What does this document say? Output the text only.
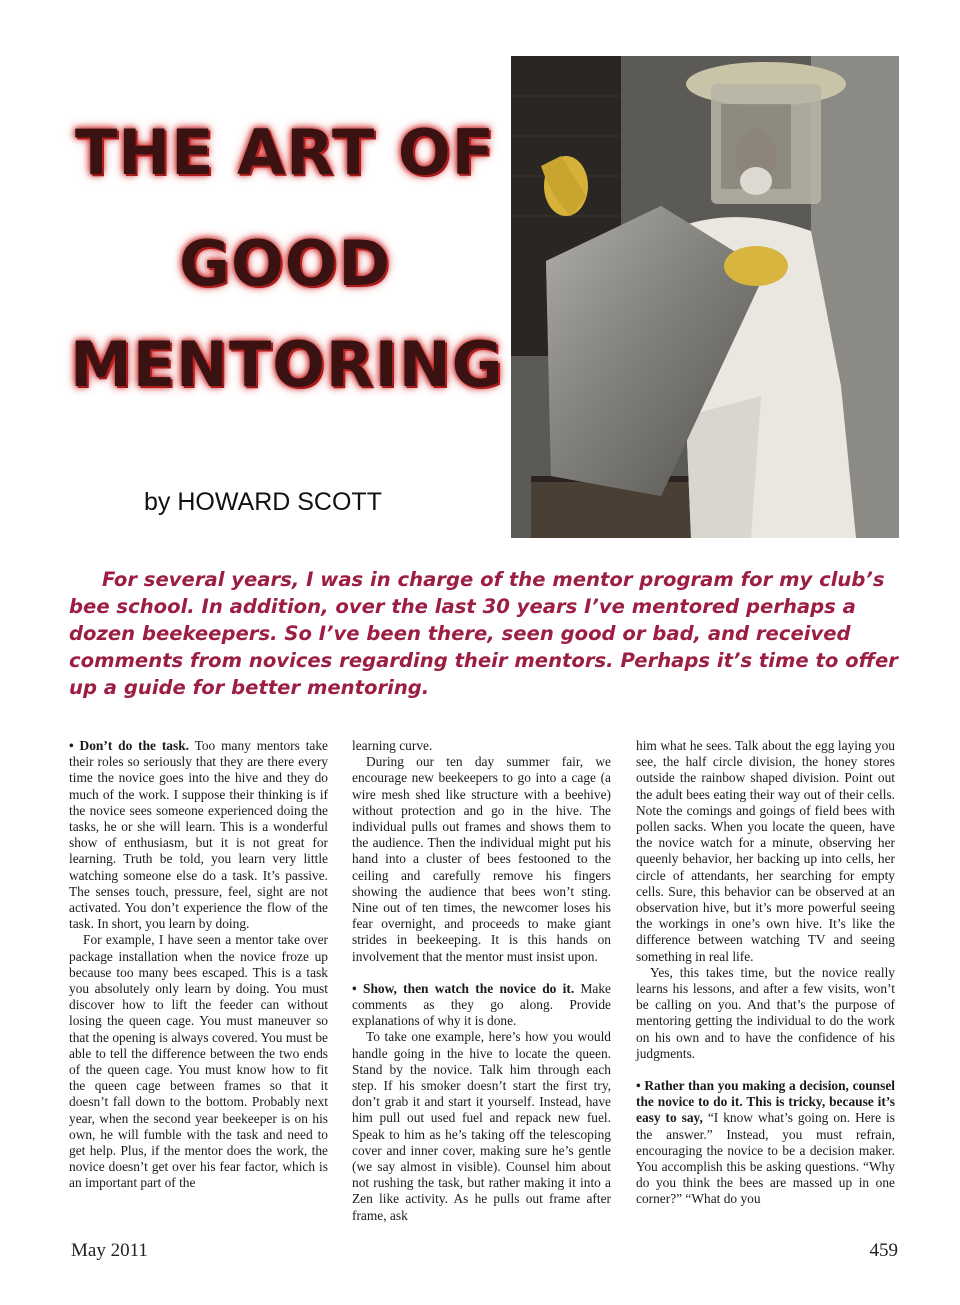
THE ART OF
GOOD
MENTORING
by HOWARD SCOTT

For several years, I was in charge of the mentor program for my club’s bee school. In addition, over the last 30 years I’ve mentored perhaps a dozen beekeepers. So I’ve been there, seen good or bad, and received comments from novices regarding their mentors. Perhaps it’s time to offer up a guide for better mentoring.

• Don’t do the task. Too many mentors take their roles so seriously that they are there every time the novice goes into the hive and they do much of the work. I suppose their thinking is if the novice sees someone experienced doing the tasks, he or she will learn. This is a wonderful show of enthusiasm, but it is not great for learning. Truth be told, you learn very little watching someone else do a task. It’s passive. The senses touch, pressure, feel, sight are not activated. You don’t experience the flow of the task. In short, you learn by doing.

For example, I have seen a mentor take over package installation when the novice froze up because too many bees escaped. This is a task you absolutely only learn by doing. You must discover how to lift the feeder can without losing the queen cage. You must maneuver so that the opening is always covered. You must be able to tell the difference between the two ends of the queen cage. You must know how to fit the queen cage between frames so that it doesn’t fall down to the bottom. Probably next year, when the second year beekeeper is on his own, he will fumble with the task and need to get help. Plus, if the mentor does the work, the novice doesn’t get over his fear factor, which is an important part of the

learning curve.

During our ten day summer fair, we encourage new beekeepers to go into a cage (a wire mesh shed like structure with a beehive) without protection and go in the hive. The individual pulls out frames and shows them to the audience. Then the individual might put his hand into a cluster of bees festooned to the ceiling and carefully remove his fingers showing the audience that bees won’t sting. Nine out of ten times, the newcomer loses his fear overnight, and proceeds to make giant strides in beekeeping. It is this hands on involvement that the mentor must insist upon.

• Show, then watch the novice do it. Make comments as they go along. Provide explanations of why it is done.

To take one example, here’s how you would handle going in the hive to locate the queen. Stand by the novice. Talk him through each step. If his smoker doesn’t start the first try, don’t grab it and start it yourself. Instead, have him pull out used fuel and repack new fuel. Speak to him as he’s taking off the telescoping cover and inner cover, making sure he’s gentle (we say almost in visible). Counsel him about not rushing the task, but rather making it into a Zen like activity. As he pulls out frame after frame, ask

him what he sees. Talk about the egg laying you see, the half circle division, the honey stores outside the rainbow shaped division. Point out the adult bees eating their way out of their cells. Note the comings and goings of field bees with pollen sacks. When you locate the queen, have the novice watch for a minute, observing her queenly behavior, her backing up into cells, her circle of attendants, her searching for empty cells. Sure, this behavior can be observed at an observation hive, but it’s more powerful seeing the workings in one’s own hive. It’s like the difference between watching TV and seeing something in real life.

Yes, this takes time, but the novice really learns his lessons, and after a few visits, won’t be calling on you. And that’s the purpose of mentoring getting the individual to do the work on his own and to have the confidence of his judgments.

• Rather than you making a decision, counsel the novice to do it. This is tricky, because it’s easy to say, “I know what’s going on. Here is the answer.” Instead, you must refrain, encouraging the novice to be a decision maker. You accomplish this be asking questions. “Why do you think the bees are massed up in one corner?” “What do you

May 2011	459
